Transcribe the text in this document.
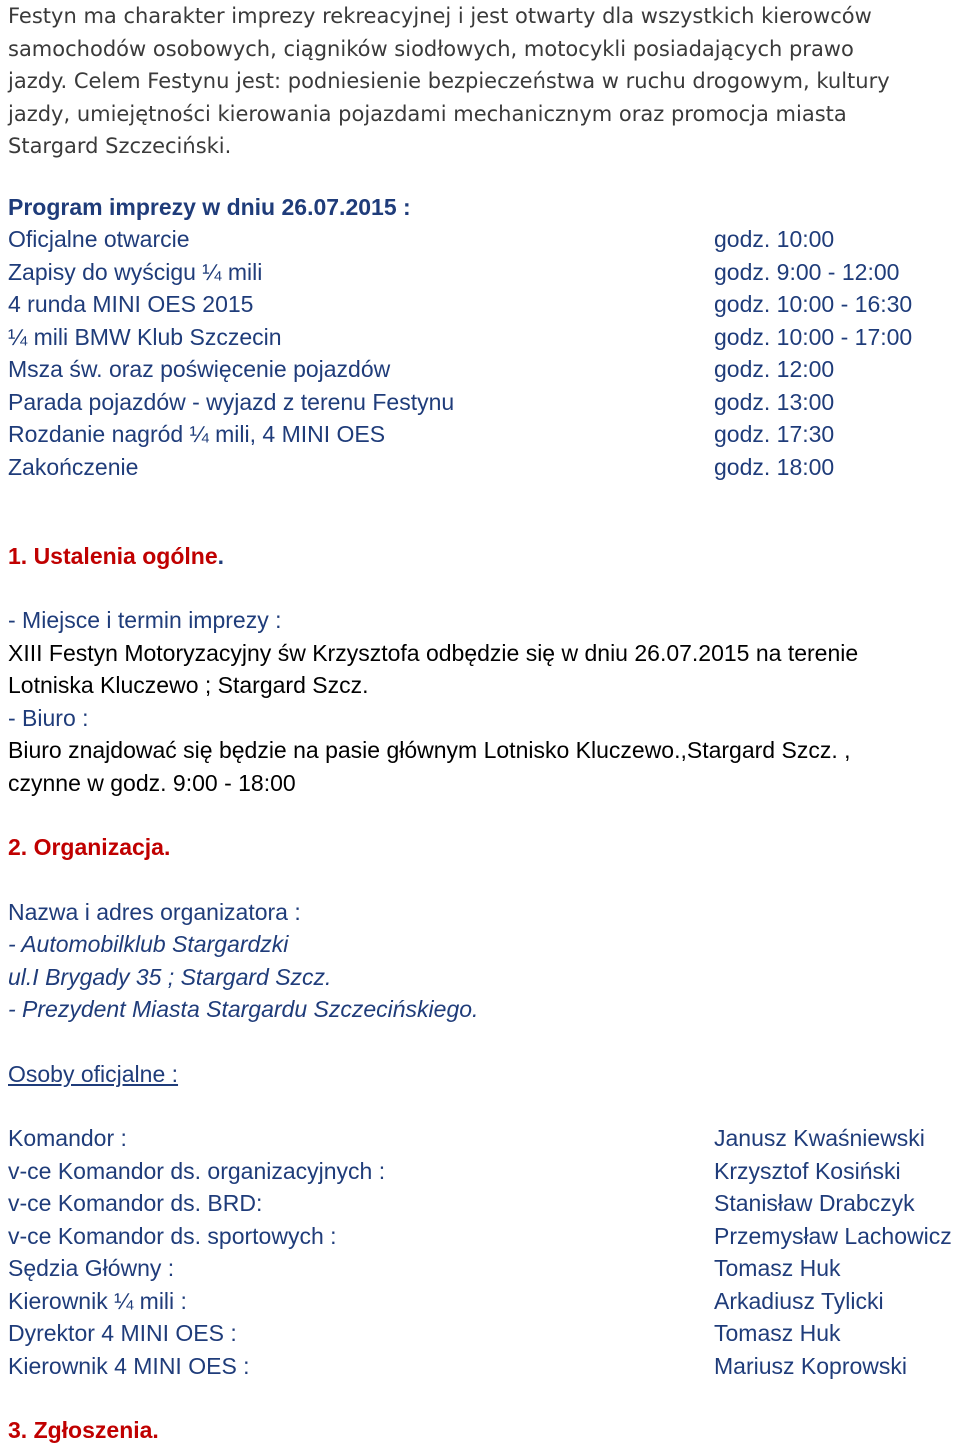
Festyn ma charakter imprezy rekreacyjnej i jest otwarty dla wszystkich kierowców
samochodów osobowych, ciągników siodłowych, motocykli posiadających prawo
jazdy. Celem Festynu jest: podniesienie bezpieczeństwa w ruchu drogowym, kultury
jazdy, umiejętności kierowania pojazdami mechanicznym oraz promocja miasta
Stargard Szczeciński.
Program imprezy w dniu 26.07.2015 :
Oficjalne otwarcie	godz. 10:00
Zapisy do wyścigu ¼ mili	godz. 9:00 - 12:00
4 runda MINI OES 2015	godz. 10:00 - 16:30
¼ mili BMW Klub Szczecin	godz. 10:00 - 17:00
Msza św. oraz poświęcenie pojazdów	godz. 12:00
Parada pojazdów - wyjazd z terenu Festynu	godz. 13:00
Rozdanie nagród ¼ mili, 4 MINI OES	godz. 17:30
Zakończenie	godz. 18:00
1. Ustalenia ogólne.
- Miejsce i termin imprezy :
XIII Festyn Motoryzacyjny św Krzysztofa odbędzie się w dniu 26.07.2015 na terenie
Lotniska Kluczewo ; Stargard Szcz.
- Biuro :
Biuro znajdować się będzie na pasie głównym Lotnisko Kluczewo.,Stargard Szcz. ,
czynne w godz. 9:00 - 18:00
2. Organizacja.
Nazwa i adres organizatora :
- Automobilklub Stargardzki
ul.I Brygady 35 ; Stargard Szcz.
- Prezydent Miasta Stargardu Szczecińskiego.
Osoby oficjalne :
Komandor :	Janusz Kwaśniewski
v-ce Komandor ds. organizacyjnych :	Krzysztof Kosiński
v-ce Komandor ds. BRD:	Stanisław Drabczyk
v-ce Komandor ds. sportowych :	Przemysław Lachowicz
Sędzia Główny :	Tomasz Huk
Kierownik ¼ mili :	Arkadiusz Tylicki
Dyrektor 4 MINI OES :	Tomasz Huk
Kierownik 4 MINI OES :	Mariusz Koprowski
3. Zgłoszenia.
